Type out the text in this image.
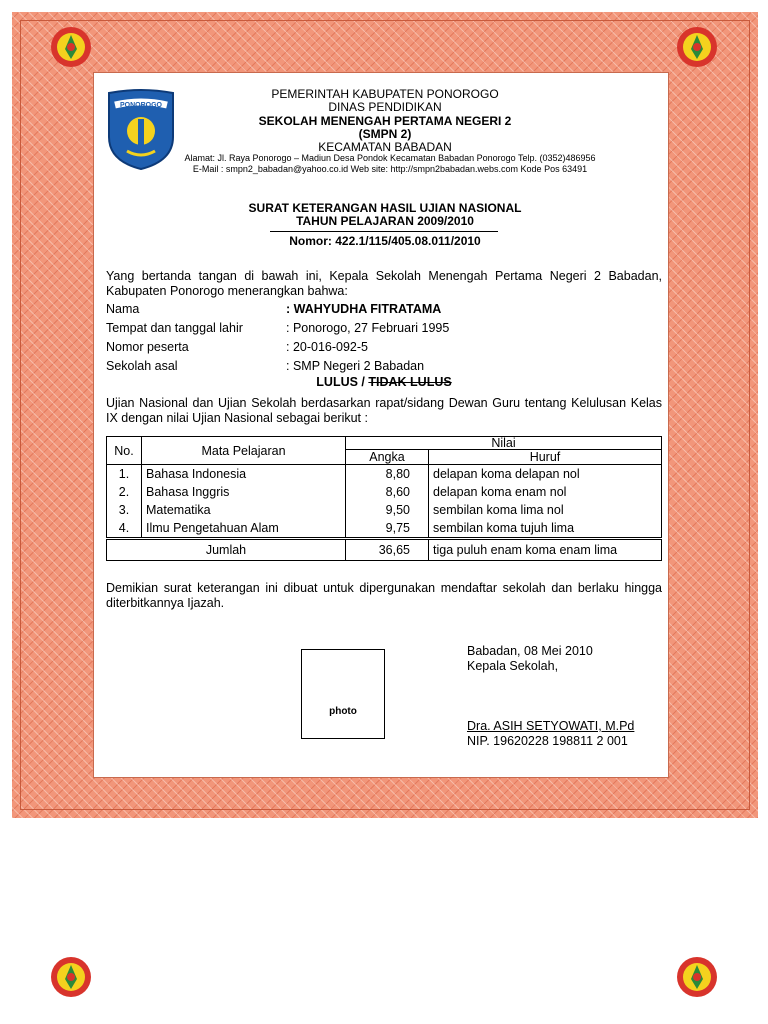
PONOROGO
PEMERINTAH KABUPATEN PONOROGO
DINAS PENDIDIKAN
SEKOLAH MENENGAH PERTAMA NEGERI 2
(SMPN 2)
KECAMATAN BABADAN
Alamat: Jl. Raya Ponorogo – Madiun Desa Pondok Kecamatan Babadan Ponorogo Telp. (0352)486956
E-Mail : smpn2_babadan@yahoo.co.id Web site: http://smpn2babadan.webs.com Kode Pos 63491
SURAT KETERANGAN HASIL UJIAN NASIONAL
TAHUN PELAJARAN 2009/2010
Nomor: 422.1/115/405.08.011/2010
Yang bertanda tangan di bawah ini, Kepala Sekolah Menengah Pertama Negeri 2 Babadan, Kabupaten Ponorogo menerangkan bahwa:
Nama	: WAHYUDHA FITRATAMA
Tempat dan tanggal lahir	: Ponorogo, 27 Februari 1995
Nomor peserta	: 20-016-092-5
Sekolah asal	: SMP Negeri 2 Babadan
LULUS / TIDAK LULUS
Ujian Nasional dan Ujian Sekolah berdasarkan rapat/sidang Dewan Guru tentang Kelulusan Kelas IX dengan nilai Ujian Nasional sebagai berikut :
No.	Mata Pelajaran	Nilai	
		Angka	Huruf
1.	Bahasa Indonesia	8,80	delapan koma delapan nol
2.	Bahasa Inggris	8,60	delapan koma enam nol
3.	Matematika	9,50	sembilan koma lima nol
4.	Ilmu Pengetahuan Alam	9,75	sembilan koma tujuh lima
Jumlah		36,65	tiga puluh enam koma enam lima
Demikian surat keterangan ini dibuat untuk dipergunakan mendaftar sekolah dan berlaku hingga diterbitkannya Ijazah.
Babadan, 08 Mei 2010
Kepala Sekolah,
Dra. ASIH SETYOWATI, M.Pd
NIP. 19620228 198811 2 001
photo
